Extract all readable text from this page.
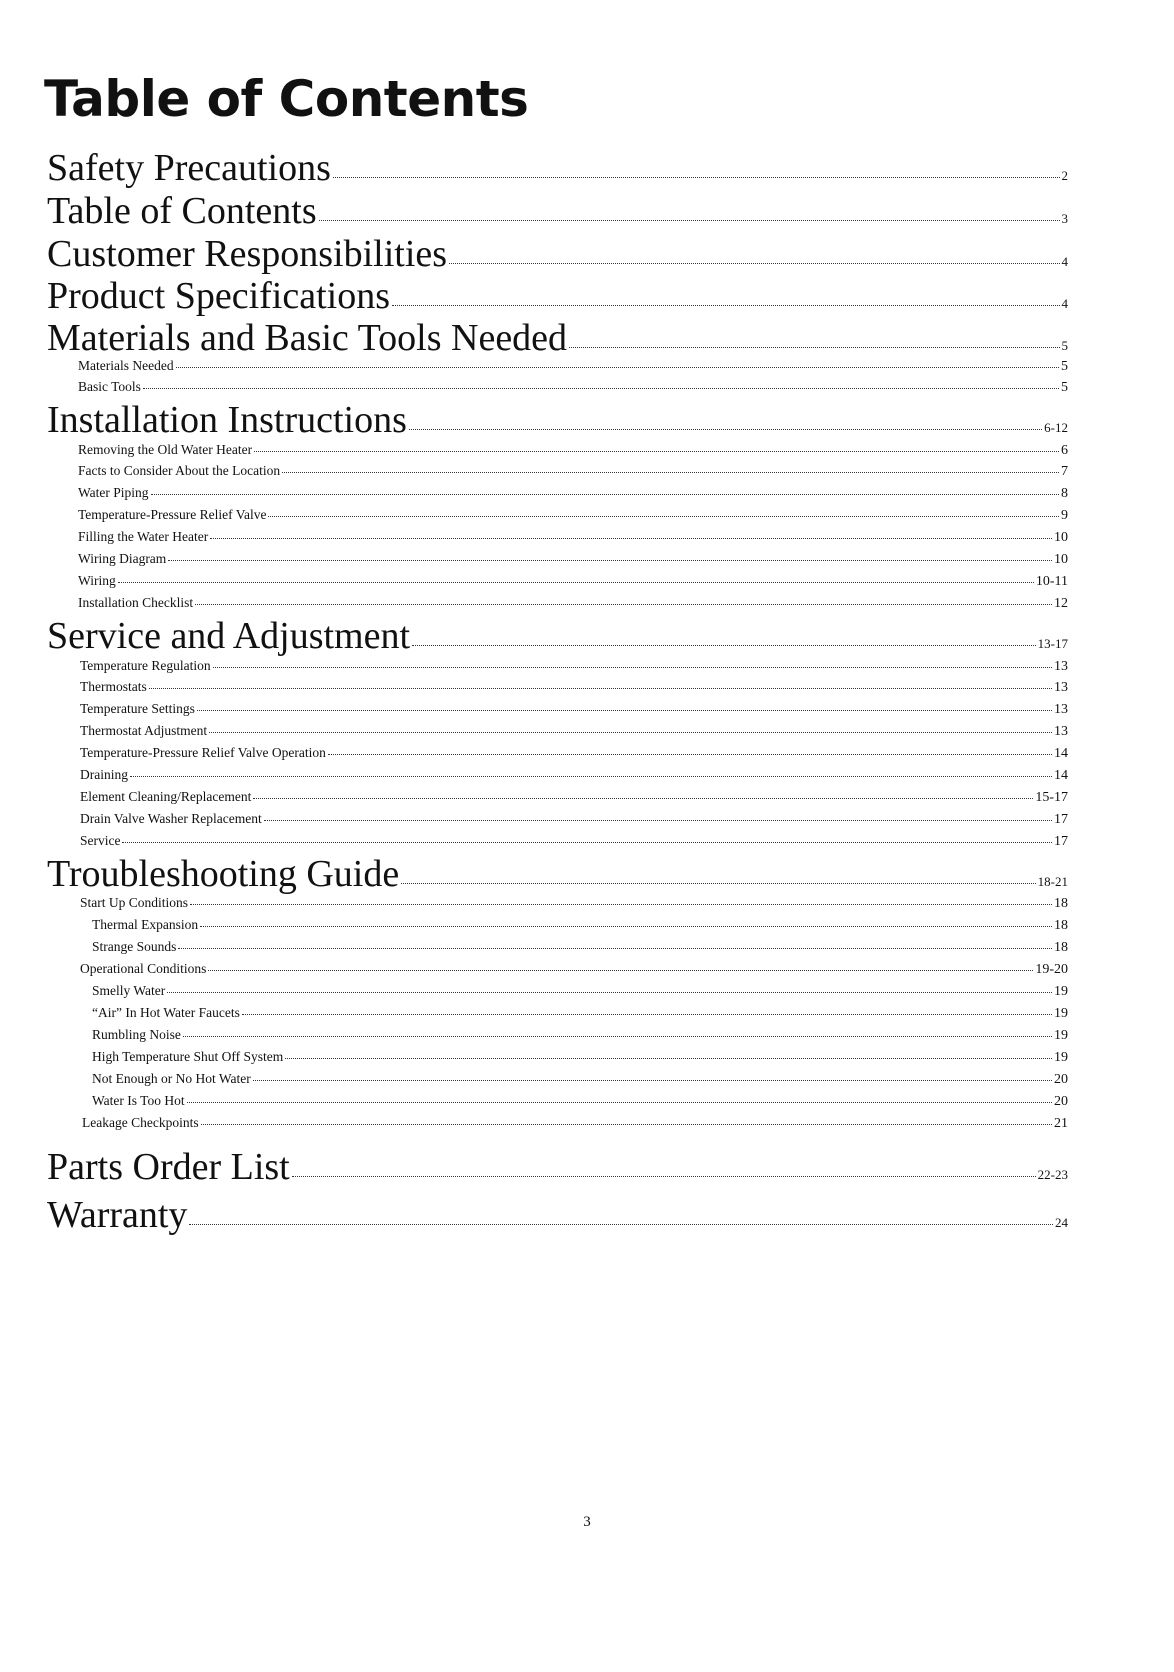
Table of Contents
Safety Precautions	2
Table of Contents	3
Customer Responsibilities	4
Product Specifications	4
Materials and Basic Tools Needed	5
Materials Needed	5
Basic Tools	5
Installation Instructions	6-12
Removing the Old Water Heater	6
Facts to Consider About the Location	7
Water Piping	8
Temperature-Pressure Relief Valve	9
Filling the Water Heater	10
Wiring Diagram	10
Wiring	10-11
Installation Checklist	12
Service and Adjustment	13-17
Temperature Regulation	13
Thermostats	13
Temperature Settings	13
Thermostat Adjustment	13
Temperature-Pressure Relief Valve Operation	14
Draining	14
Element Cleaning/Replacement	15-17
Drain Valve Washer Replacement	17
Service	17
Troubleshooting Guide	18-21
Start Up Conditions	18
Thermal Expansion	18
Strange Sounds	18
Operational Conditions	19-20
Smelly Water	19
“Air” In Hot Water Faucets	19
Rumbling Noise	19
High Temperature Shut Off System	19
Not Enough or No Hot Water	20
Water Is Too Hot	20
Leakage Checkpoints	21
Parts Order List	22-23
Warranty	24
3
